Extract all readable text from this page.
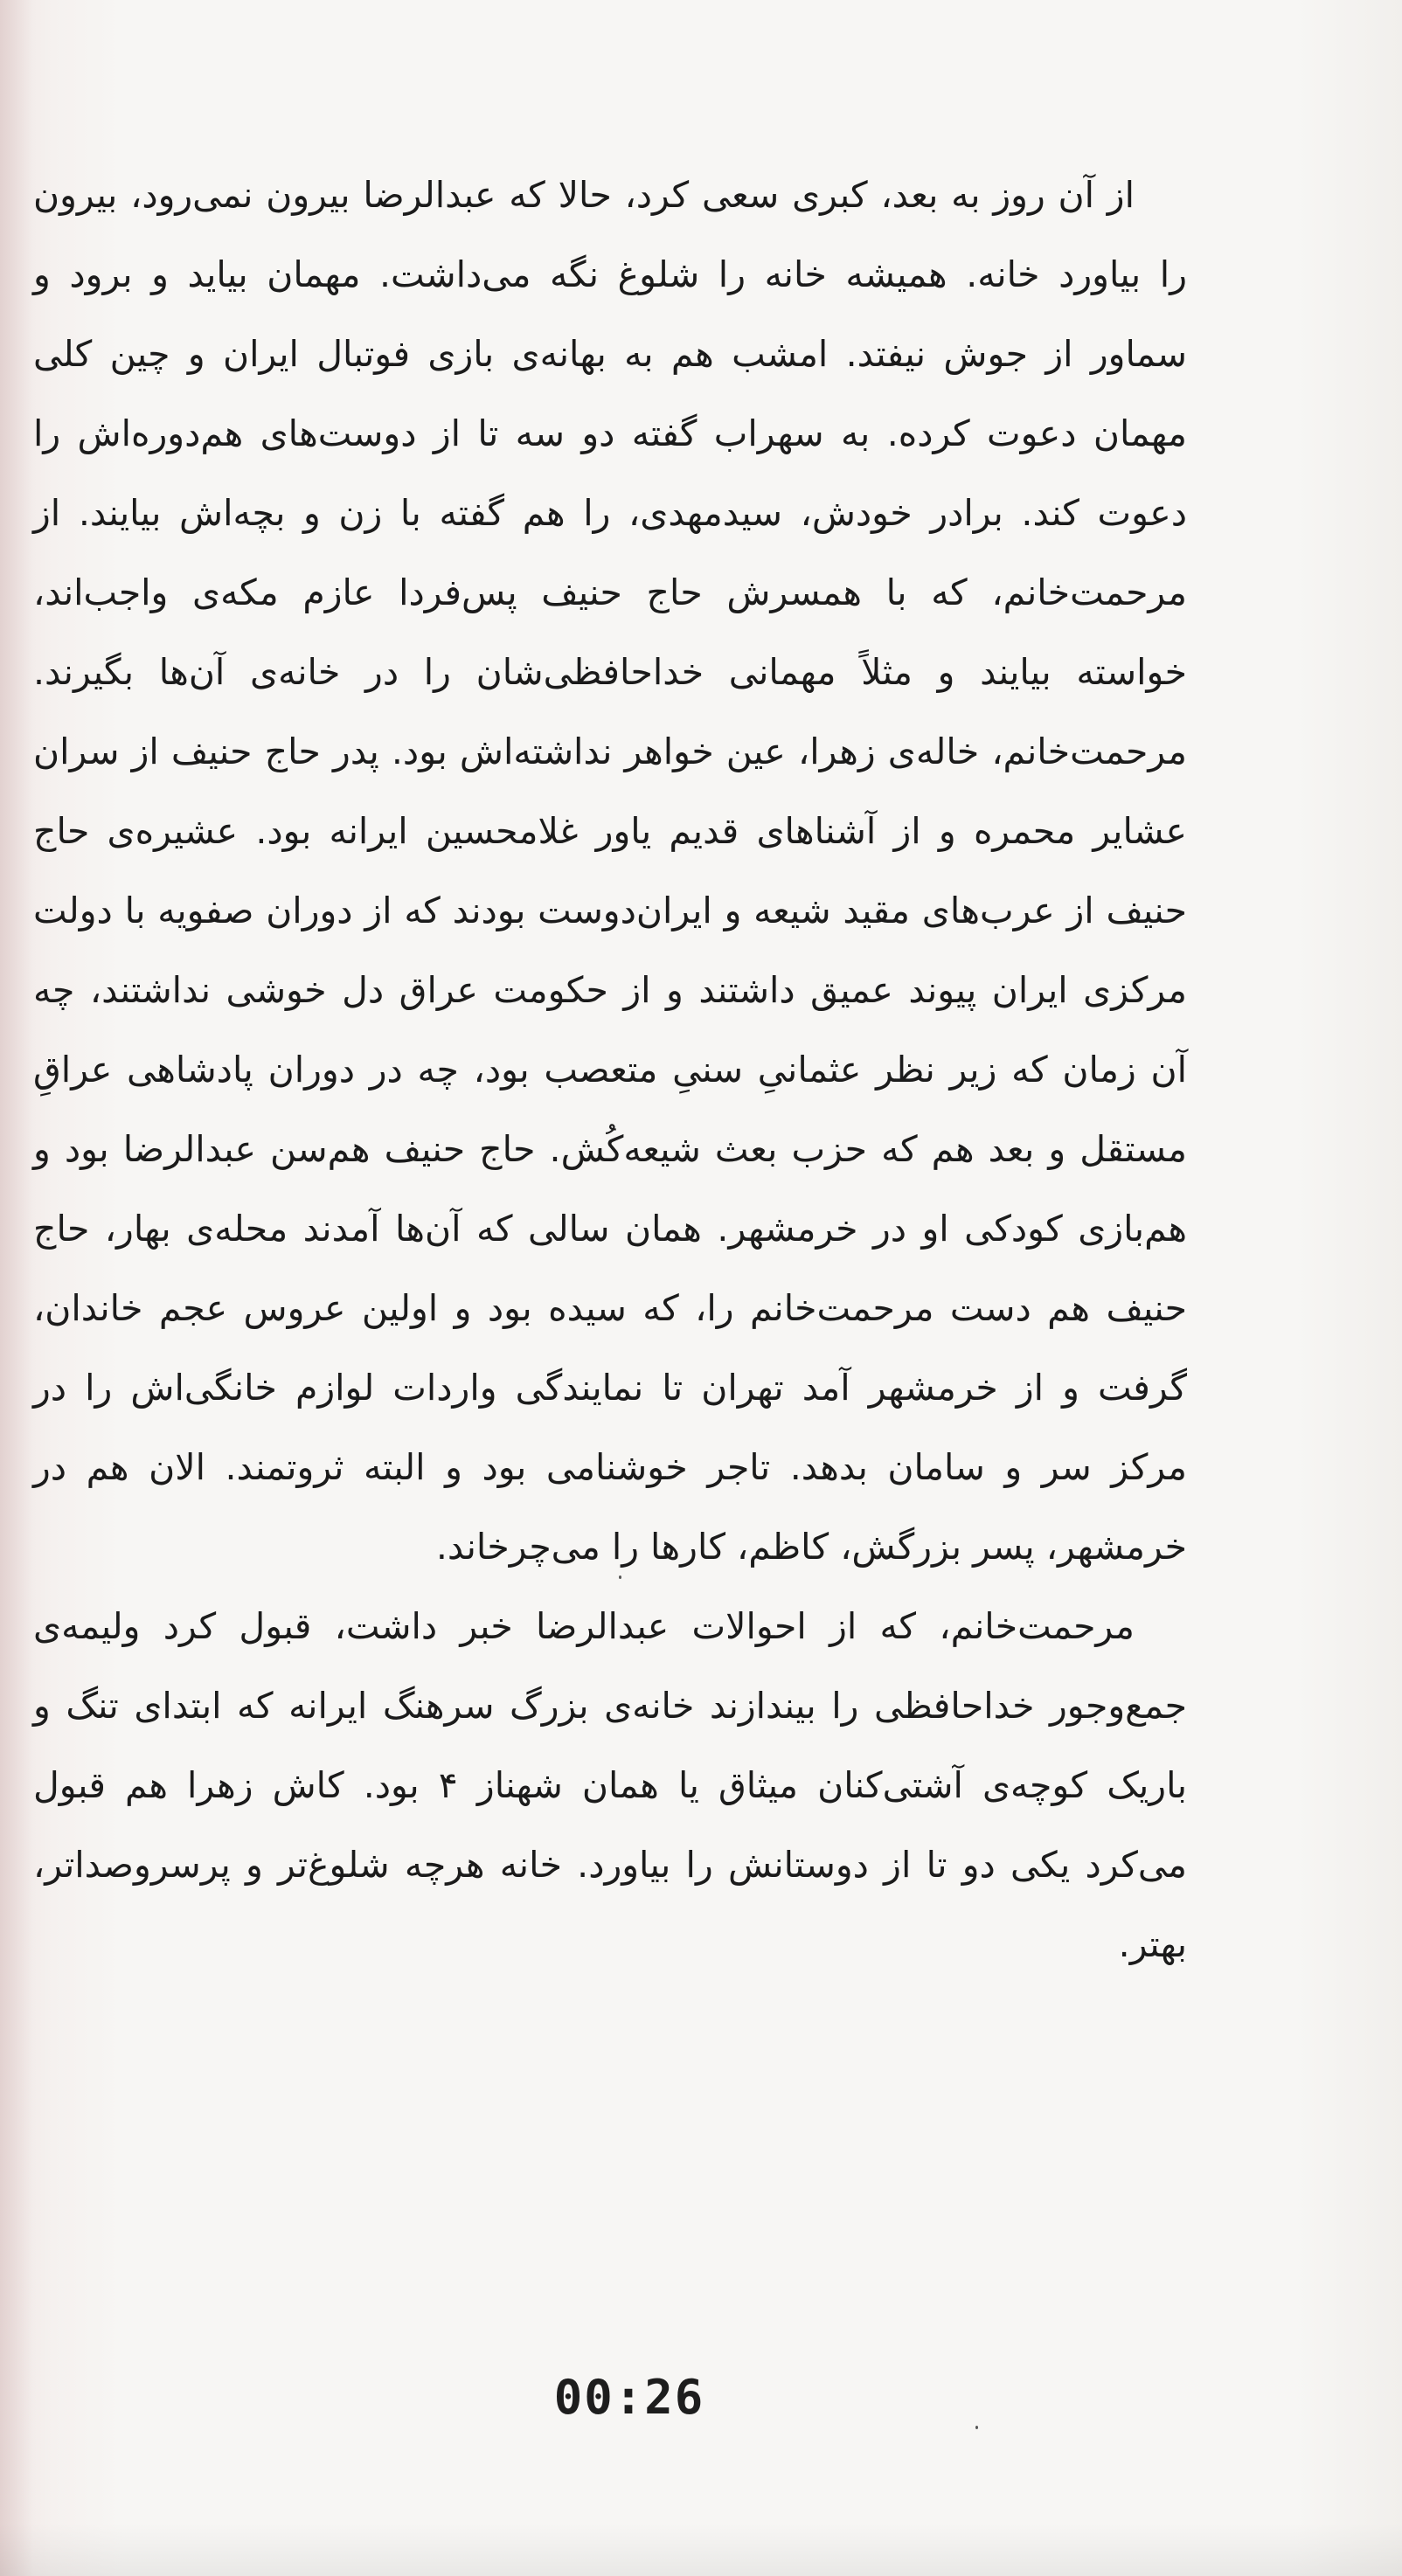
از آن روز به بعد، کبری سعی کرد، حالا که عبدالرضا بیرون نمی‌رود، بیرون را بیاورد خانه. همیشه خانه را شلوغ نگه می‌داشت. مهمان بیاید و برود و سماور از جوش نیفتد. امشب هم به بهانه‌ی بازی فوتبال ایران و چین کلی مهمان دعوت کرده. به سهراب گفته دو سه تا از دوست‌های هم‌دوره‌اش را دعوت کند. برادر خودش، سیدمهدی، را هم گفته با زن و بچه‌اش بیایند. از مرحمت‌خانم، که با همسرش حاج حنیف پس‌فردا عازم مکه‌ی واجب‌اند، خواسته بیایند و مثلاً مهمانی خداحافظی‌شان را در خانه‌ی آن‌ها بگیرند. مرحمت‌خانم، خاله‌ی زهرا، عین خواهر نداشته‌اش بود. پدر حاج حنیف از سران عشایر محمره و از آشناهای قدیم یاور غلامحسین ایرانه بود. عشیره‌ی حاج حنیف از عرب‌های مقید شیعه و ایران‌دوست بودند که از دوران صفویه با دولت مرکزی ایران پیوند عمیق داشتند و از حکومت عراق دل خوشی نداشتند، چه آن زمان که زیر نظر عثمانیِ سنیِ متعصب بود، چه در دوران پادشاهی عراقِ مستقل و بعد هم که حزب بعث شیعه‌کُش. حاج حنیف هم‌سن عبدالرضا بود و هم‌بازی کودکی او در خرمشهر. همان سالی که آن‌ها آمدند محله‌ی بهار، حاج حنیف هم دست مرحمت‌خانم را، که سیده بود و اولین عروس عجم خاندان، گرفت و از خرمشهر آمد تهران تا نمایندگی واردات لوازم خانگی‌اش را در مرکز سر و سامان بدهد. تاجر خوشنامی بود و البته ثروتمند. الان هم در خرمشهر، پسر بزرگش، کاظم، کارها را می‌چرخاند.

مرحمت‌خانم، که از احوالات عبدالرضا خبر داشت، قبول کرد ولیمه‌ی جمع‌وجور خداحافظی را بیندازند خانه‌ی بزرگ سرهنگ ایرانه که ابتدای تنگ و باریک کوچه‌ی آشتی‌کنان میثاق یا همان شهناز ۴ بود. کاش زهرا هم قبول می‌کرد یکی دو تا از دوستانش را بیاورد. خانه هرچه شلوغ‌تر و پرسروصداتر، بهتر.

00:26
